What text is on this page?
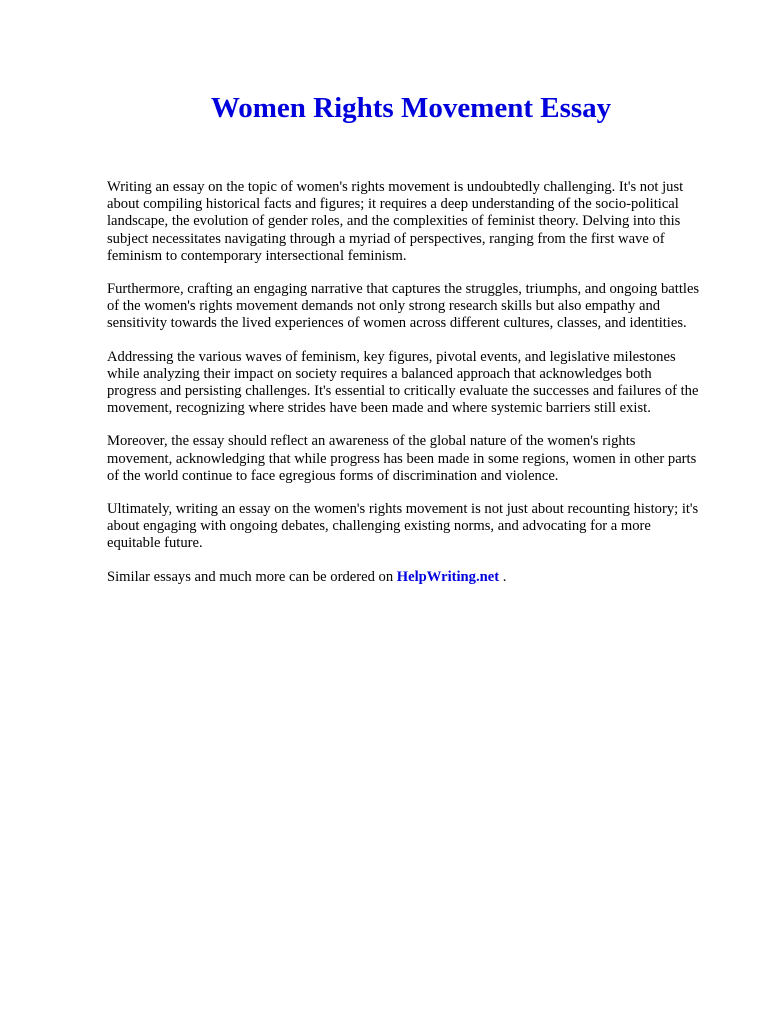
Women Rights Movement Essay

Writing an essay on the topic of women's rights movement is undoubtedly challenging. It's not just about compiling historical facts and figures; it requires a deep understanding of the socio-political landscape, the evolution of gender roles, and the complexities of feminist theory. Delving into this subject necessitates navigating through a myriad of perspectives, ranging from the first wave of feminism to contemporary intersectional feminism.

Furthermore, crafting an engaging narrative that captures the struggles, triumphs, and ongoing battles of the women's rights movement demands not only strong research skills but also empathy and sensitivity towards the lived experiences of women across different cultures, classes, and identities.

Addressing the various waves of feminism, key figures, pivotal events, and legislative milestones while analyzing their impact on society requires a balanced approach that acknowledges both progress and persisting challenges. It's essential to critically evaluate the successes and failures of the movement, recognizing where strides have been made and where systemic barriers still exist.

Moreover, the essay should reflect an awareness of the global nature of the women's rights movement, acknowledging that while progress has been made in some regions, women in other parts of the world continue to face egregious forms of discrimination and violence.

Ultimately, writing an essay on the women's rights movement is not just about recounting history; it's about engaging with ongoing debates, challenging existing norms, and advocating for a more equitable future.

Similar essays and much more can be ordered on HelpWriting.net .
